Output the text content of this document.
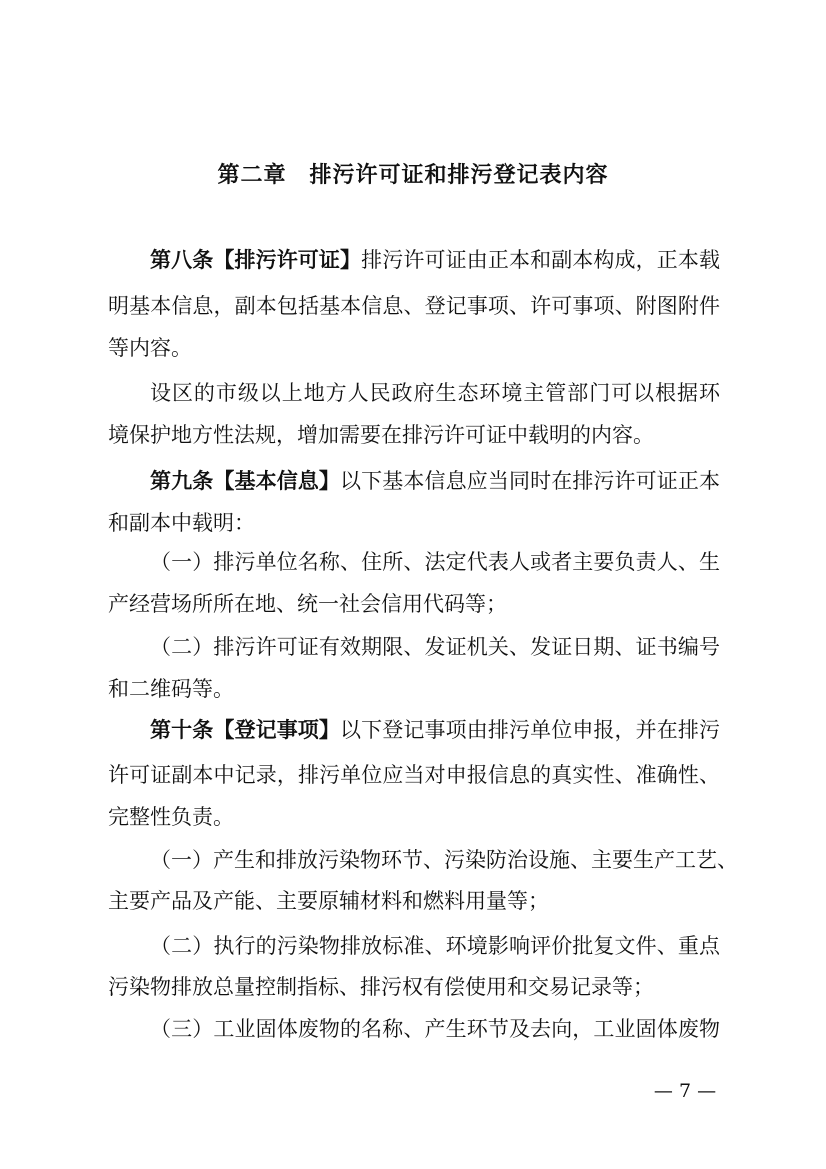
第二章　排污许可证和排污登记表内容
第八条【排污许可证】排污许可证由正本和副本构成，正本载
明基本信息，副本包括基本信息、登记事项、许可事项、附图附件
等内容。
设区的市级以上地方人民政府生态环境主管部门可以根据环
境保护地方性法规，增加需要在排污许可证中载明的内容。
第九条【基本信息】以下基本信息应当同时在排污许可证正本
和副本中载明：
（一）排污单位名称、住所、法定代表人或者主要负责人、生
产经营场所所在地、统一社会信用代码等；
（二）排污许可证有效期限、发证机关、发证日期、证书编号
和二维码等。
第十条【登记事项】以下登记事项由排污单位申报，并在排污
许可证副本中记录，排污单位应当对申报信息的真实性、准确性、
完整性负责。
（一）产生和排放污染物环节、污染防治设施、主要生产工艺、
主要产品及产能、主要原辅材料和燃料用量等；
（二）执行的污染物排放标准、环境影响评价批复文件、重点
污染物排放总量控制指标、排污权有偿使用和交易记录等；
（三）工业固体废物的名称、产生环节及去向，工业固体废物
— 7 —
